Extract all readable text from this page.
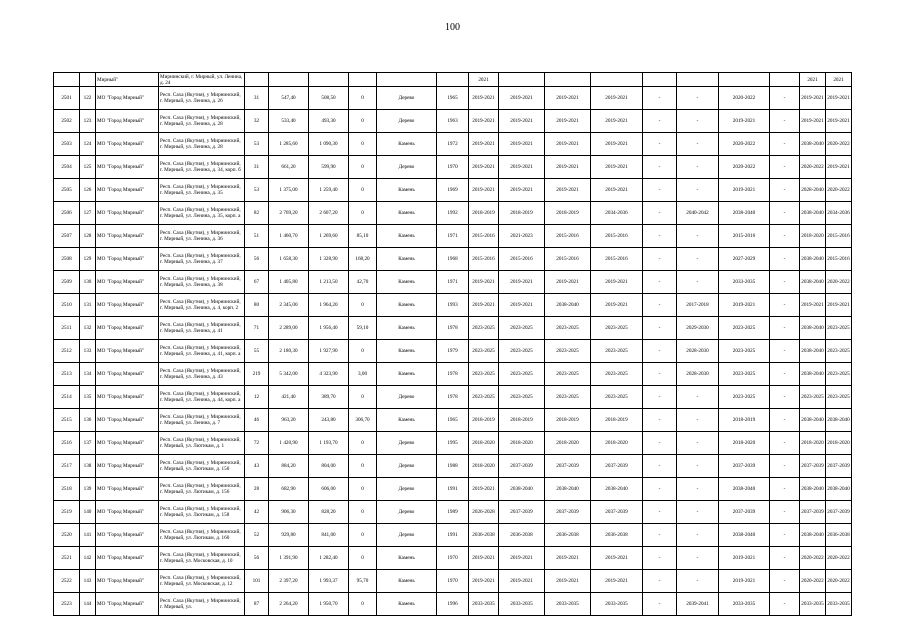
100
		Мирный"	Мирнинский, г. Мирный, ул. Ленина, д. 24							2021								2021	2021
2501	122	МО "Город Мирный"	Респ. Саха (Якутия), у Мирнинский, г. Мирный, ул. Ленина, д. 26	31	547,40	508,50	0	Дерево	1965	2019-2021	2019-2021	2019-2021	2019-2021	-	-	2020-2022	-	2019-2021	2019-2021
2502	123	МО "Город Мирный"	Респ. Саха (Якутия), у Мирнинский, г. Мирный, ул. Ленина, д. 28	32	533,40	493,30	0	Дерево	1963	2019-2021	2019-2021	2019-2021	2019-2021	-	-	2019-2021	-	2019-2021	2019-2021
2503	124	МО "Город Мирный"	Респ. Саха (Якутия), у Мирнинский, г. Мирный, ул. Ленина, д. 28	53	1 285,60	1 090,30	0	Камень	1972	2019-2021	2019-2021	2019-2021	2019-2021	-	-	2020-2022	-	2038-2040	2020-2022
2504	125	МО "Город Мирный"	Респ. Саха (Якутия), у Мирнинский, г. Мирный, ул. Ленина, д. 34, корп. б	31	661,20	599,90	0	Дерево	1970	2019-2021	2019-2021	2019-2021	2019-2021	-	-	2020-2022	-	2020-2022	2019-2021
2505	126	МО "Город Мирный"	Респ. Саха (Якутия), у Мирнинский, г. Мирный, ул. Ленина, д. 35	53	1 375,00	1 259,40	0	Камень	1969	2019-2021	2019-2021	2019-2021	2019-2021	-	-	2019-2021	-	2028-2040	2020-2022
2506	127	МО "Город Mирный"	Респ. Саха (Якутия), у Мирнинский, г. Мирный, ул. Ленина, д. 35, корп. а	82	2 769,20	2 607,20	0	Камень	1992	2018-2019	2018-2019	2018-2019	2034-2036	-	2040-2042	2038-2040	-	2038-2040	2034-2036
2507	128	МО "Город Мирный"	Респ. Саха (Якутия), у Мирнинский, г. Мирный, ул. Ленина, д. 36	51	1 460,70	1 269,60	85,10	Камень	1971	2015-2016	2021-2023	2015-2016	2015-2016	-	-	2015-2016	-	2018-2020	2015-2016
2508	129	МО "Город Мирный"	Респ. Саха (Якутия), у Мирнинский, г. Мирный, ул. Ленина, д. 37	56	1 658,30	1 328,90	168,20	Камень	1968	2015-2016	2015-2016	2015-2016	2015-2016	-	-	2027-2029	-	2038-2040	2015-2016
2509	130	МО "Город Мирный"	Респ. Саха (Якутия), у Мирнинский, г. Мирный, ул. Ленина, д. 38	67	1 405,80	1 213,50	42,70	Камень	1971	2019-2021	2019-2021	2019-2021	2019-2021	-	-	2033-2035	-	2038-2040	2020-2022
2510	131	МО "Город Мирный"	Респ. Саха (Якутия), у Мирнинский, г. Мирный, ул. Ленина, д. 4, корп. 2	80	2 345,00	1 964,20	0	Камень	1993	2019-2021	2019-2021	2038-2040	2019-2021	-	2017-2018	2019-2021	-	2019-2021	2019-2021
2511	132	МО "Город Мирный"	Респ. Саха (Якутия), у Мирнинский, г. Мирный, ул. Ленина, д. 41	71	2 289,00	1 956,40	59,10	Камень	1978	2023-2025	2023-2025	2023-2025	2023-2025	-	2029-2030	2023-2025	-	2038-2040	2023-2025
2512	133	МО "Город Мирный"	Респ. Саха (Якутия), у Мирнинский, г. Мирный, ул. Ленина, д. 41, корп. а	55	2 180,30	1 927,90	0	Камень	1979	2023-2025	2023-2025	2023-2025	2023-2025	-	2028-2030	2023-2025	-	2038-2040	2023-2025
2513	134	МО "Город Мирный"	Респ. Саха (Якутия), у Мирнинский, г. Мирный, ул. Ленина, д. 43	219	5 342,00	4 323,90	3,00	Камень	1978	2023-2025	2023-2025	2023-2025	2023-2025	-	2028-2030	2023-2025	-	2038-2040	2023-2025
2514	135	МО "Город Мирный"	Респ. Саха (Якутия), у Мирнинский, г. Мирный, ул. Ленина, д. 44, корп. а	12	421,40	389,70	0	Дерево	1978	2023-2025	2023-2025	2023-2025	2023-2025	-	-	2023-2025	-	2023-2025	2023-2025
2515	136	МО "Город Мирный"	Респ. Саха (Якутия), у Мирнинский, г. Мирный, ул. Ленина, д. 7	46	963,20	243,80	306,70	Камень	1965	2018-2019	2018-2019	2018-2019	2018-2019	-	-	2018-2019	-	2038-2040	2038-2040
2516	137	МО "Город Мирный"	Респ. Саха (Якутия), у Мирнинский, г. Мирный, ул. Лютикам, д. 1	72	1 420,90	1 193,70	0	Дерево	1995	2018-2020	2018-2020	2018-2020	2018-2020	-	-	2018-2020	-	2018-2020	2018-2020
2517	138	МО "Город Мирный"	Респ. Саха (Якутия), у Мирнинский, г. Мирный, ул. Лютикам, д. 150	43	884,20	804,00	0	Дерево	1988	2018-2020	2037-2039	2037-2039	2037-2039	-	-	2037-2039	-	2037-2039	2037-2039
2518	139	МО "Город Мирный"	Респ. Саха (Якутия), у Мирнинский, г. Мирный, ул. Лютикам, д. 156	28	682,90	606,00	0	Дерево	1991	2019-2021	2038-2040	2038-2040	2038-2040	-	-	2038-2040	-	2038-2040	2038-2040
2519	140	МО "Город Мирный"	Респ. Саха (Якутия), у Мирнинский, г. Мирный, ул. Лютикам, д. 158	42	906,30	828,20	0	Дерево	1989	2026-2028	2037-2039	2037-2039	2037-2039	-	-	2037-2039	-	2037-2039	2037-2039
2520	141	МО "Город Мирный"	Респ. Саха (Якутия), у Мирнинский, г. Мирный, ул. Лютикам, д. 160	52	929,80	841,00	0	Дерево	1991	2036-2038	2036-2038	2036-2038	2036-2038	-	-	2038-2040	-	2038-2040	2036-2038
2521	142	МО "Город Мирный"	Респ. Саха (Якутия), у Мирнинский, г. Мирный, ул. Московская, д. 10	56	1 391,90	1 282,40	0	Камень	1970	2019-2021	2019-2021	2019-2021	2019-2021	-	-	2019-2021	-	2020-2022	2020-2022
2522	143	МО "Город Мирный"	Респ. Саха (Якутия), у Мирнинский, г. Мирный, ул. Московская, д. 12	101	2 397,20	1 993,37	95,70	Камень	1970	2019-2021	2019-2021	2019-2021	2019-2021	-	-	2019-2021	-	2020-2022	2020-2022
2523	144	МО "Город Мирный"	Респ. Саха (Якутия), у Мирнинский, г. Мирный, ул.	87	2 264,20	1 950,70	0	Камень	1996	2033-2035	2033-2035	2033-2035	2033-2035	-	2039-2041	2033-2035	-	2033-2035	2033-2035
